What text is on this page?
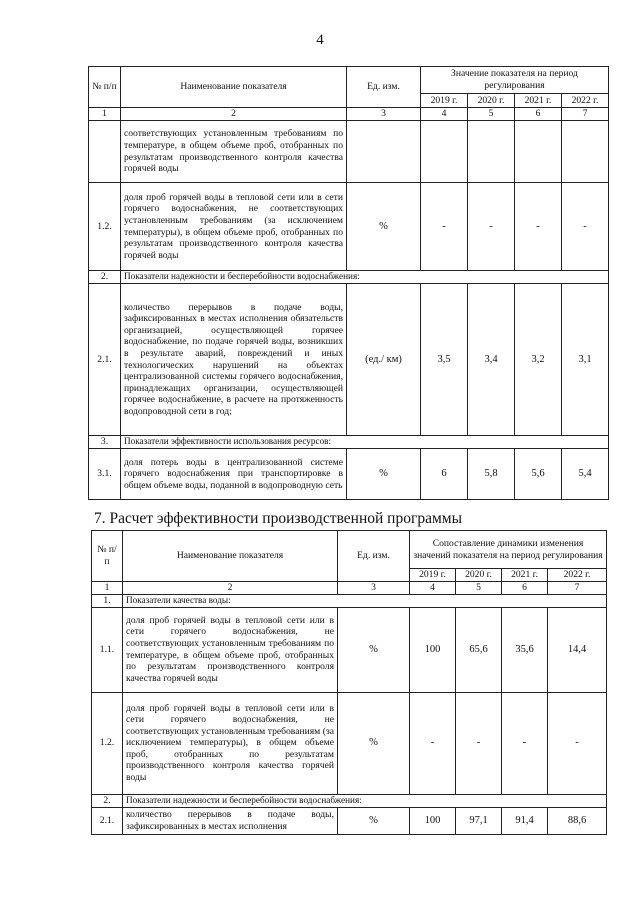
4
№ п/п	Наименование показателя	Ед. изм.	Значение показателя на период регулирования			
			2019 г.	2020 г.	2021 г.	2022 г.
1	2	3	4	5	6	7
	соответствующих установленным требованиям по температуре, в общем объеме проб, отобранных по результатам производственного контроля качества горячей воды					
1.2.	доля проб горячей воды в тепловой сети или в сети горячего водоснабжения, не соответствующих установленным требованиям (за исключением температуры), в общем объеме проб, отобранных по результатам производственного контроля качества горячей воды	%	-	-	-	-
2.	Показатели надежности и бесперебойности водоснабжения:					
2.1.	количество перерывов в подаче воды, зафиксированных в местах исполнения обязательств организацией, осуществляющей горячее водоснабжение, по подаче горячей воды, возникших в результате аварий, повреждений и иных технологических нарушений на объектах централизованной системы горячего водоснабжения, принадлежащих организации, осуществляющей горячее водоснабжение, в расчете на протяженность водопроводной сети в год;	(ед./ км)	3,5	3,4	3,2	3,1
3.	Показатели эффективности использования ресурсов:					
3.1.	доля потерь воды в централизованной системе горячего водоснабжения при транспортировке в общем объеме воды, поданной в водопроводную сеть	%	6	5,8	5,6	5,4
7. Расчет эффективности производственной программы
№ п/п	Наименование показателя	Ед. изм.	Сопоставление динамики изменения значений показателя на период регулирования			
			2019 г.	2020 г.	2021 г.	2022 г.
1	2	3	4	5	6	7
1.	Показатели качества воды:					
1.1.	доля проб горячей воды в тепловой сети или в сети горячего водоснабжения, не соответствующих установленным требованиям по температуре, в общем объеме проб, отобранных по результатам производственного контроля качества горячей воды	%	100	65,6	35,6	14,4
1.2.	доля проб горячей воды в тепловой сети или в сети горячего водоснабжения, не соответствующих установленным требованиям (за исключением температуры), в общем объеме проб, отобранных по результатам производственного контроля качества горячей воды	%	-	-	-	-
2.	Показатели надежности и бесперебойности водоснабжения:					
2.1.	количество перерывов в подаче воды, зафиксированных в местах исполнения	%	100	97,1	91,4	88,6
